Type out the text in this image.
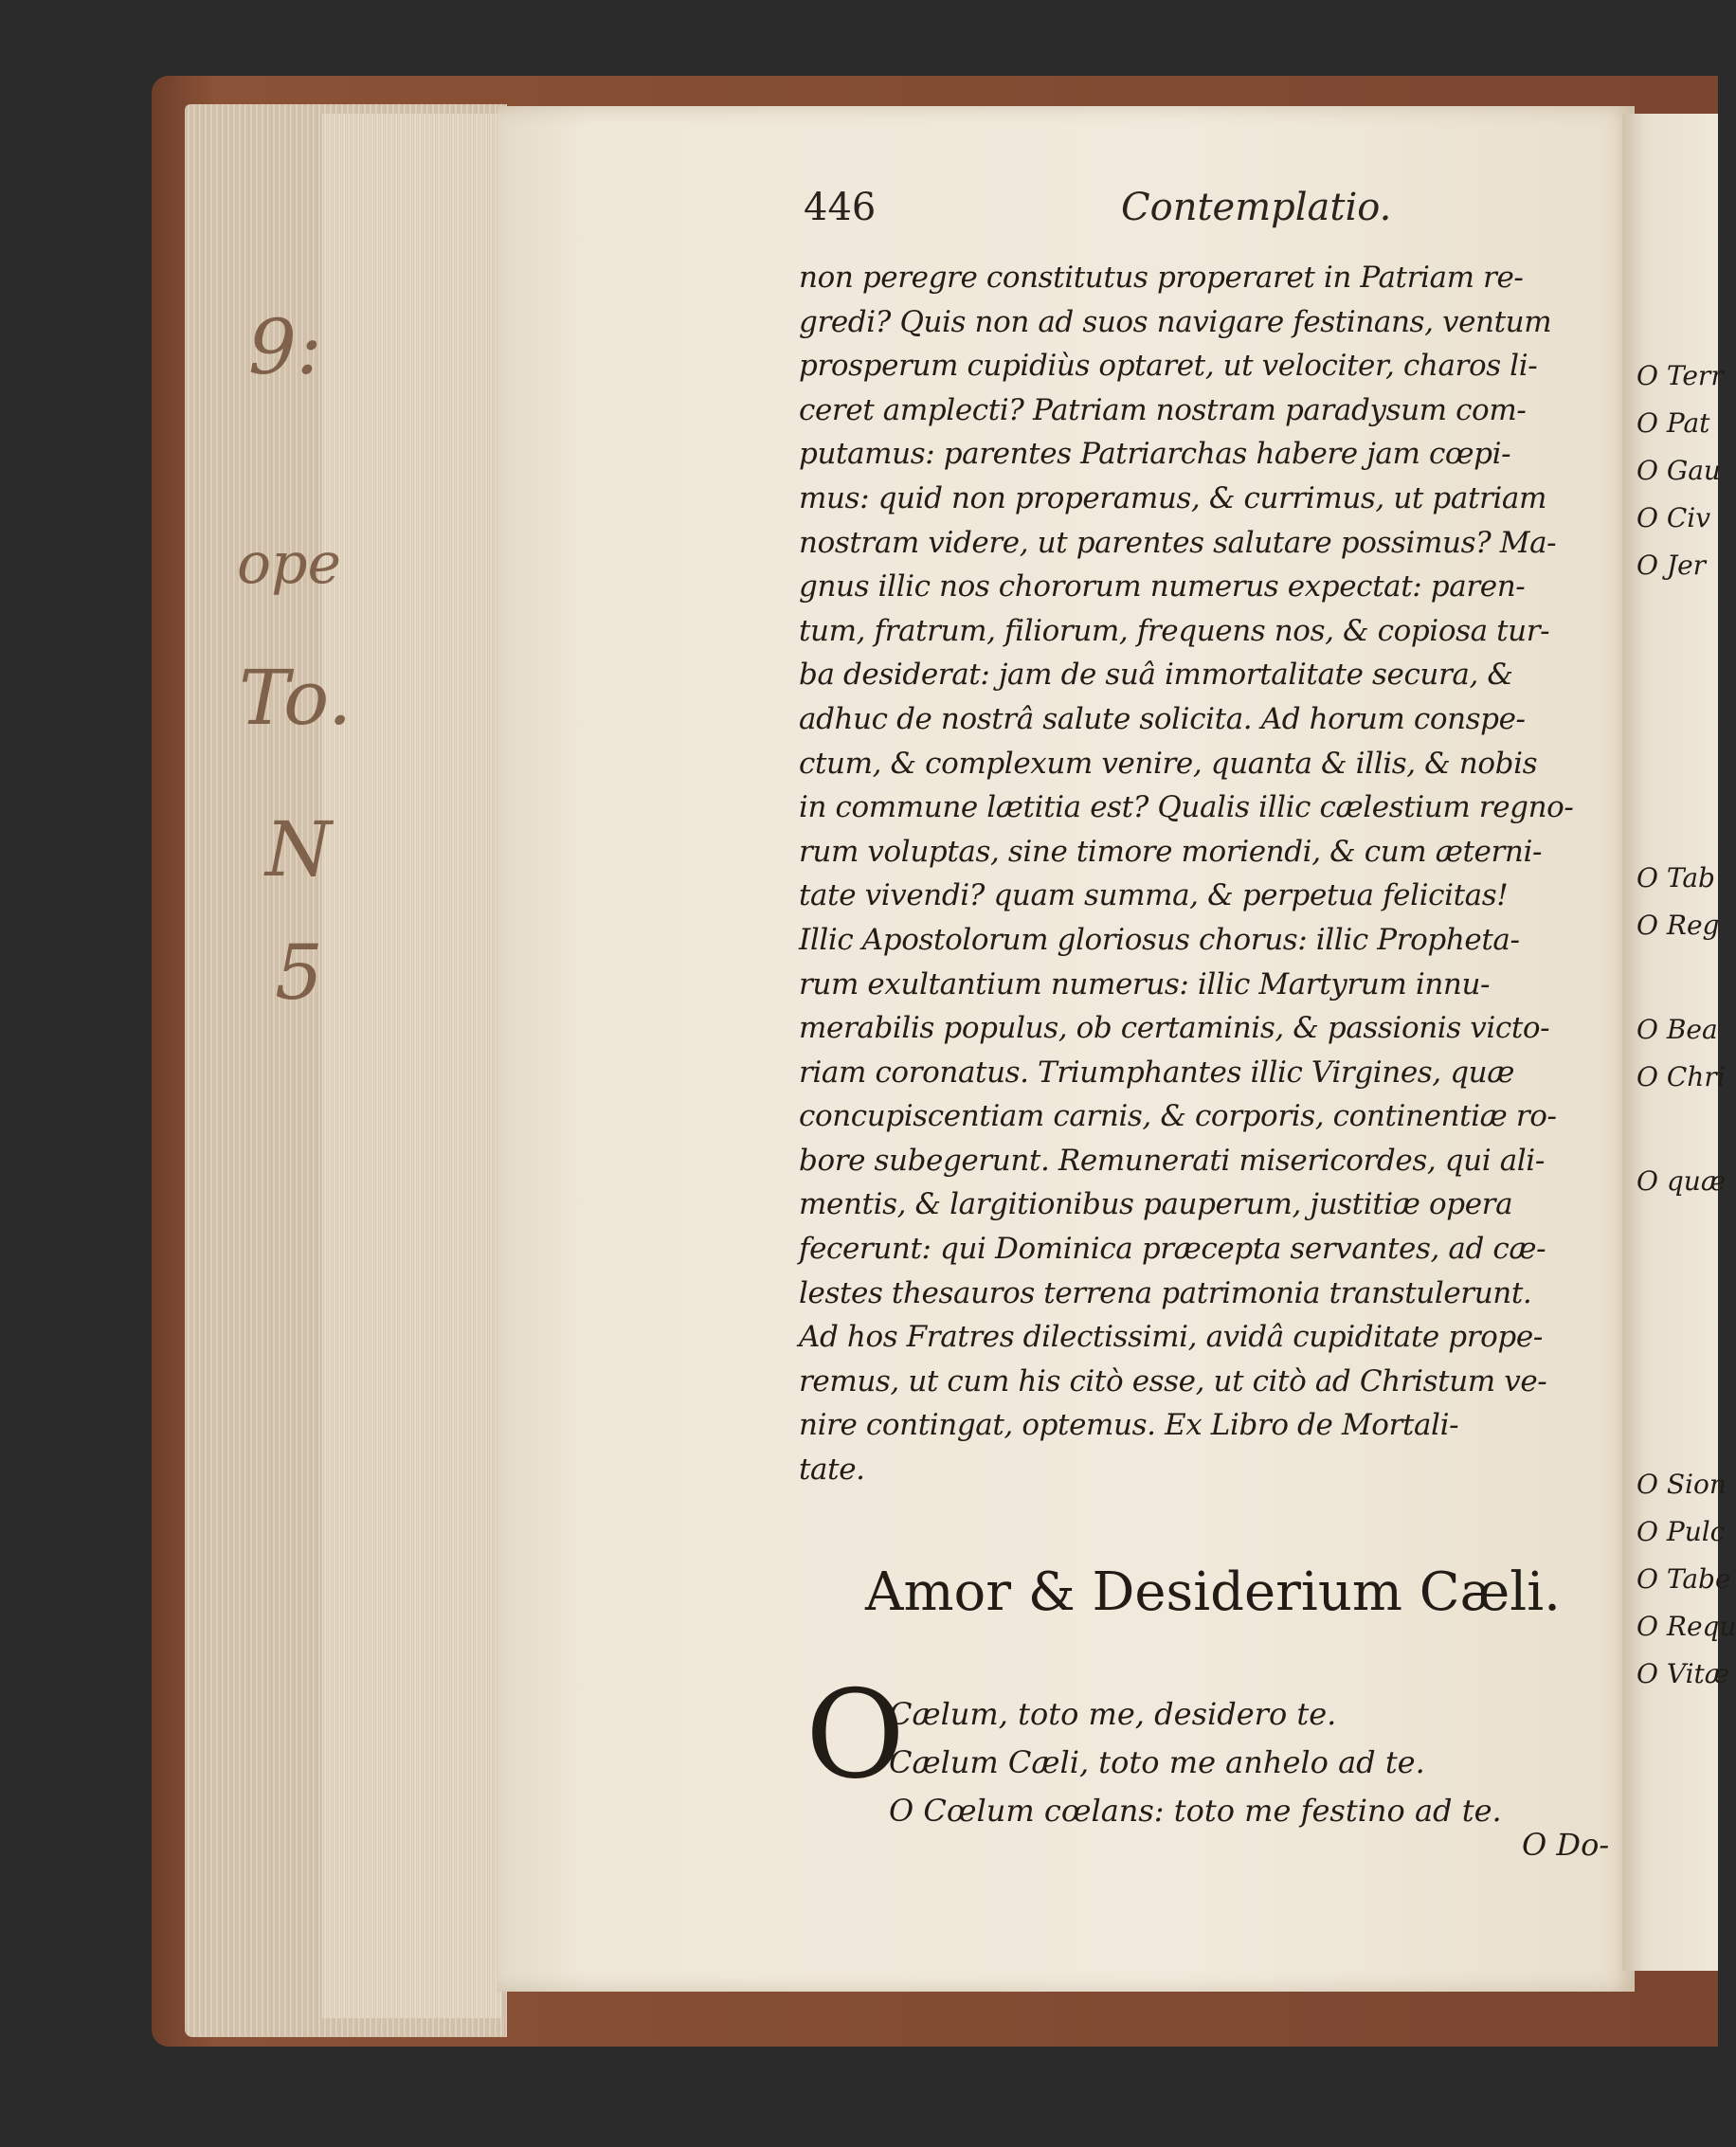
9:
ope
To.
N
5
O Terr
O Pat
O Gau
O Civ
O Jer
O Tab
O Reg
O Bea
O Chri
O quæ
O Sion
O Pulc
O Tabe
O Requ
O Vitæ
446	Contemplatio.
non peregre constitutus properaret in Patriam re-
gredi? Quis non ad suos navigare festinans, ventum
prosperum cupidiùs optaret, ut velociter, charos li-
ceret amplecti? Patriam nostram paradysum com-
putamus: parentes Patriarchas habere jam cœpi-
mus: quid non properamus, & currimus, ut patriam
nostram videre, ut parentes salutare possimus? Ma-
gnus illic nos chororum numerus expectat: paren-
tum, fratrum, filiorum, frequens nos, & copiosa tur-
ba desiderat: jam de suâ immortalitate secura, &
adhuc de nostrâ salute solicita. Ad horum conspe-
ctum, & complexum venire, quanta & illis, & nobis
in commune lætitia est? Qualis illic cælestium regno-
rum voluptas, sine timore moriendi, & cum æterni-
tate vivendi? quam summa, & perpetua felicitas!
Illic Apostolorum gloriosus chorus: illic Propheta-
rum exultantium numerus: illic Martyrum innu-
merabilis populus, ob certaminis, & passionis victo-
riam coronatus. Triumphantes illic Virgines, quæ
concupiscentiam carnis, & corporis, continentiæ ro-
bore subegerunt. Remunerati misericordes, qui ali-
mentis, & largitionibus pauperum, justitiæ opera
fecerunt: qui Dominica præcepta servantes, ad cæ-
lestes thesauros terrena patrimonia transtulerunt.
Ad hos Fratres dilectissimi, avidâ cupiditate prope-
remus, ut cum his citò esse, ut citò ad Christum ve-
nire contingat, optemus. Ex Libro de Mortali-
tate.
Amor & Desiderium Cæli.
O
Cælum, toto me, desidero te.
Cælum Cæli, toto me anhelo ad te.
O Cœlum cœlans: toto me festino ad te.
O Do-
